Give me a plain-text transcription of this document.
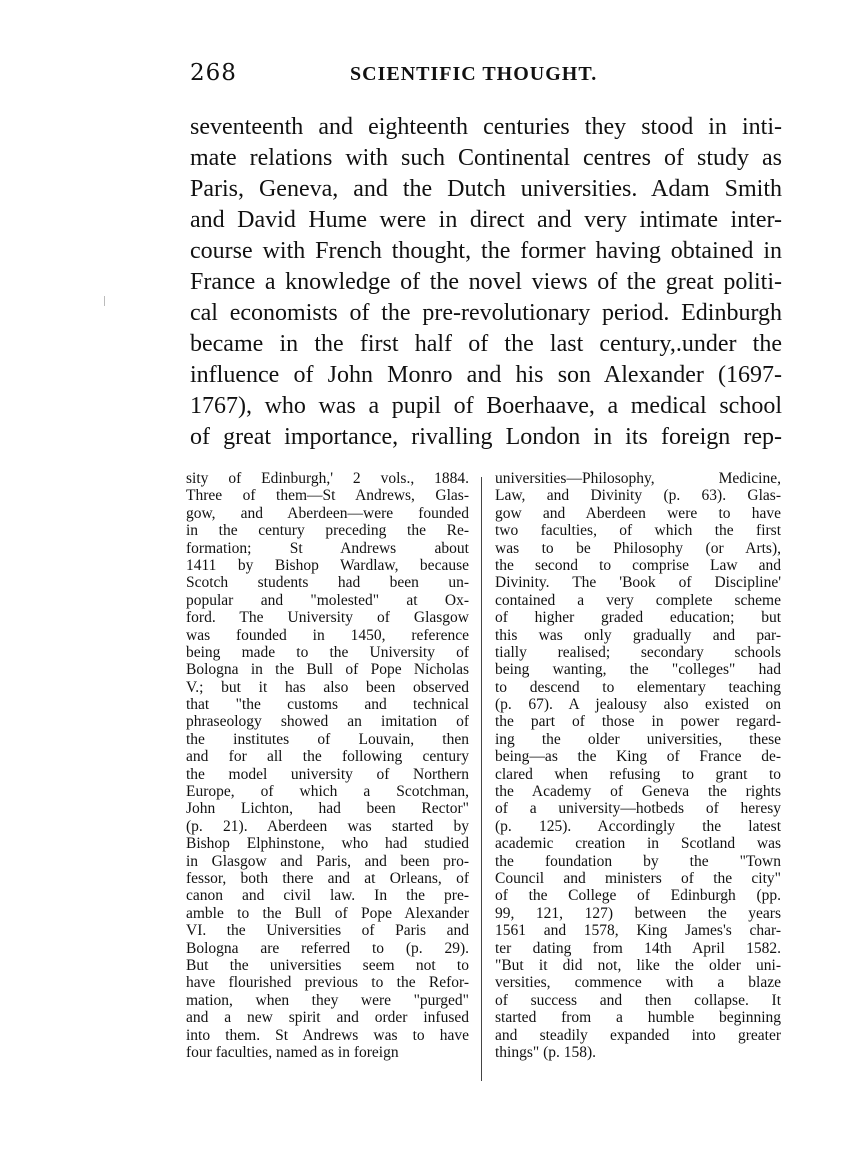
268	SCIENTIFIC THOUGHT.
seventeenth and eighteenth centuries they stood in inti-
mate relations with such Continental centres of study as
Paris, Geneva, and the Dutch universities. Adam Smith
and David Hume were in direct and very intimate inter-
course with French thought, the former having obtained in
France a knowledge of the novel views of the great politi-
cal economists of the pre-revolutionary period. Edinburgh
became in the first half of the last century,.under the
influence of John Monro and his son Alexander (1697-
1767), who was a pupil of Boerhaave, a medical school
of great importance, rivalling London in its foreign rep-
sity of Edinburgh,' 2 vols., 1884.
Three of them—St Andrews, Glas-
gow, and Aberdeen—were founded
in the century preceding the Re-
formation; St Andrews about
1411 by Bishop Wardlaw, because
Scotch students had been un-
popular and "molested" at Ox-
ford. The University of Glasgow
was founded in 1450, reference
being made to the University of
Bologna in the Bull of Pope Nicholas
V.; but it has also been observed
that "the customs and technical
phraseology showed an imitation of
the institutes of Louvain, then
and for all the following century
the model university of Northern
Europe, of which a Scotchman,
John Lichton, had been Rector"
(p. 21). Aberdeen was started by
Bishop Elphinstone, who had studied
in Glasgow and Paris, and been pro-
fessor, both there and at Orleans, of
canon and civil law. In the pre-
amble to the Bull of Pope Alexander
VI. the Universities of Paris and
Bologna are referred to (p. 29).
But the universities seem not to
have flourished previous to the Refor-
mation, when they were "purged"
and a new spirit and order infused
into them. St Andrews was to have
four faculties, named as in foreign
universities—Philosophy, Medicine,
Law, and Divinity (p. 63). Glas-
gow and Aberdeen were to have
two faculties, of which the first
was to be Philosophy (or Arts),
the second to comprise Law and
Divinity. The 'Book of Discipline'
contained a very complete scheme
of higher graded education; but
this was only gradually and par-
tially realised; secondary schools
being wanting, the "colleges" had
to descend to elementary teaching
(p. 67). A jealousy also existed on
the part of those in power regard-
ing the older universities, these
being—as the King of France de-
clared when refusing to grant to
the Academy of Geneva the rights
of a university—hotbeds of heresy
(p. 125). Accordingly the latest
academic creation in Scotland was
the foundation by the "Town
Council and ministers of the city"
of the College of Edinburgh (pp.
99, 121, 127) between the years
1561 and 1578, King James's char-
ter dating from 14th April 1582.
"But it did not, like the older uni-
versities, commence with a blaze
of success and then collapse. It
started from a humble beginning
and steadily expanded into greater
things" (p. 158).
